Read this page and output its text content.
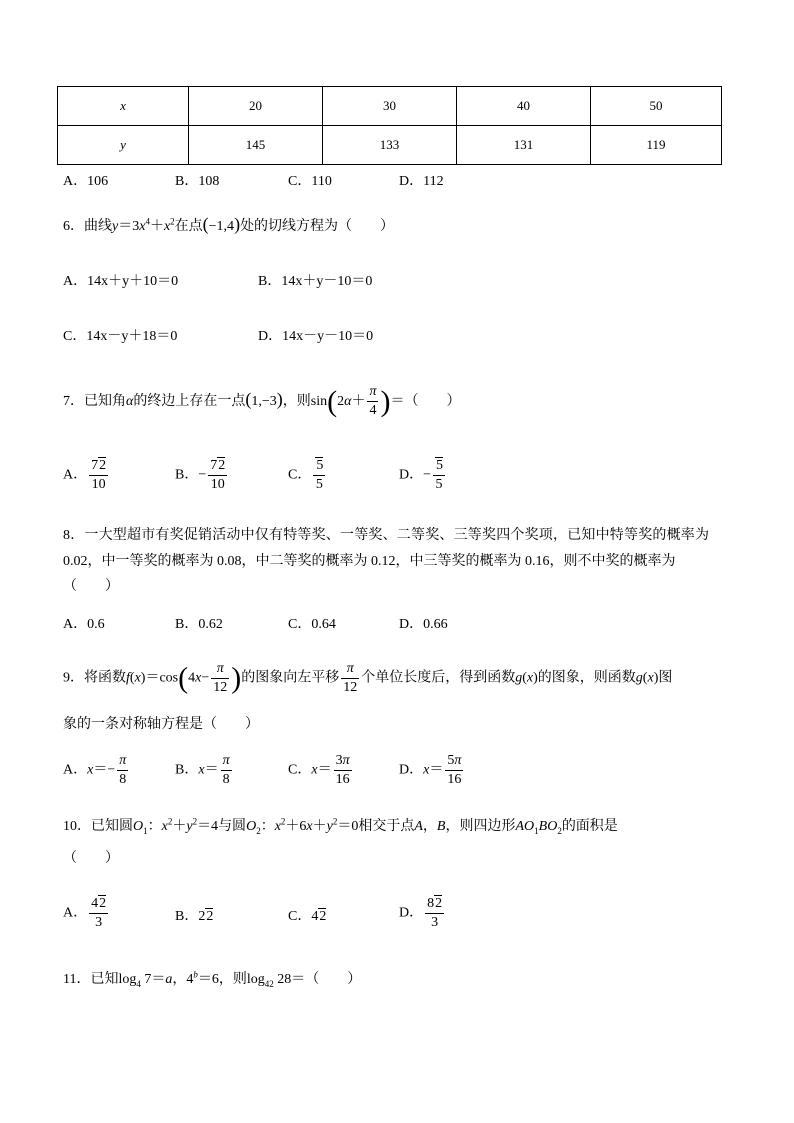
x	20	30	40	50
y	145	133	131	119
A．106	B．108	C．110	D．112
6．曲线$y=3x^4+x^2$在点(−1,4)处的切线方程为（　　）
A．14x＋y＋10＝0	B．14x＋y－10＝0
C．14x－y＋18＝0	D．14x－y－10＝0
7．已知角α的终边上存在一点(1,−3)，则$\sin(2\alpha+ \frac{\pi}{4}$ )＝（　　）
A． $\frac{72}{10}$	B．− $\frac{72}{10}$	C． $\frac{5}{5}$	D．− $\frac{5}{5}$
8．一大型超市有奖促销活动中仅有特等奖、一等奖、二等奖、三等奖四个奖项，已知中特等奖的概率为
0.02，中一等奖的概率为 0.08，中二等奖的概率为 0.12，中三等奖的概率为 0.16，则不中奖的概率为
（　　）
A．0.6	B．0.62	C．0.64	D．0.66
9．将函数$f(x)=\cos(4x- \frac{\pi}{12}$ )的图象向左平移 $\frac{\pi}{12}$ 个单位长度后，得到函数g(x)的图象，则函数g(x)图
象的一条对称轴方程是（　　）
A．$x=- \frac{\pi}{8}$	B．$x= \frac{\pi}{8}$	C．$x= \frac{3\pi}{16}$	D．$x= \frac{5\pi}{16}$
10．已知圆$O_1$：$x^2+y^2=4$与圆$O_2$：$x^2+6x+y^2=0$相交于点A，B，则四边形$AO_1BO_2$的面积是
（　　）
A． $\frac{42}{3}$	B．22	C．42	D． $\frac{82}{3}$
11．已知$\log_4 7=a$，$4^b=6$，则$\log_{42} 28=$（　　）
